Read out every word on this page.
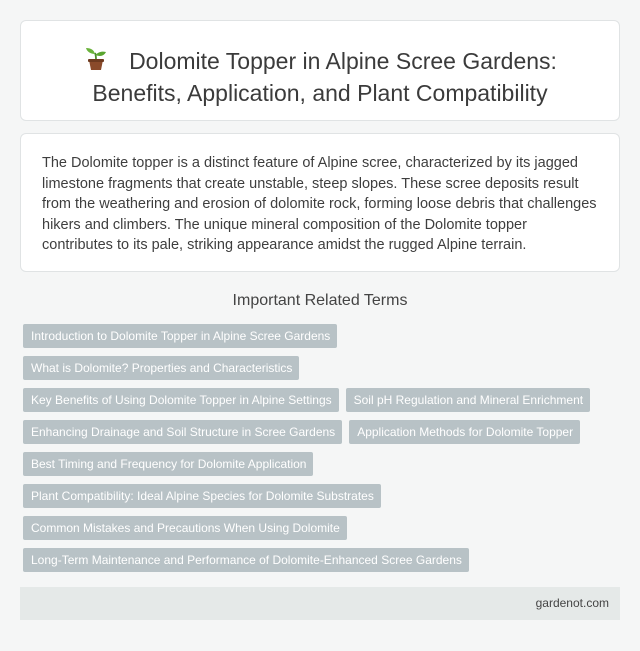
Dolomite Topper in Alpine Scree Gardens:
Benefits, Application, and Plant Compatibility

The Dolomite topper is a distinct feature of Alpine scree, characterized by its jagged limestone fragments that create unstable, steep slopes. These scree deposits result from the weathering and erosion of dolomite rock, forming loose debris that challenges hikers and climbers. The unique mineral composition of the Dolomite topper contributes to its pale, striking appearance amidst the rugged Alpine terrain.

Important Related Terms
Introduction to Dolomite Topper in Alpine Scree Gardens
What is Dolomite? Properties and Characteristics
Key Benefits of Using Dolomite Topper in Alpine Settings	Soil pH Regulation and Mineral Enrichment
Enhancing Drainage and Soil Structure in Scree Gardens	Application Methods for Dolomite Topper
Best Timing and Frequency for Dolomite Application
Plant Compatibility: Ideal Alpine Species for Dolomite Substrates
Common Mistakes and Precautions When Using Dolomite
Long-Term Maintenance and Performance of Dolomite-Enhanced Scree Gardens
gardenot.com
